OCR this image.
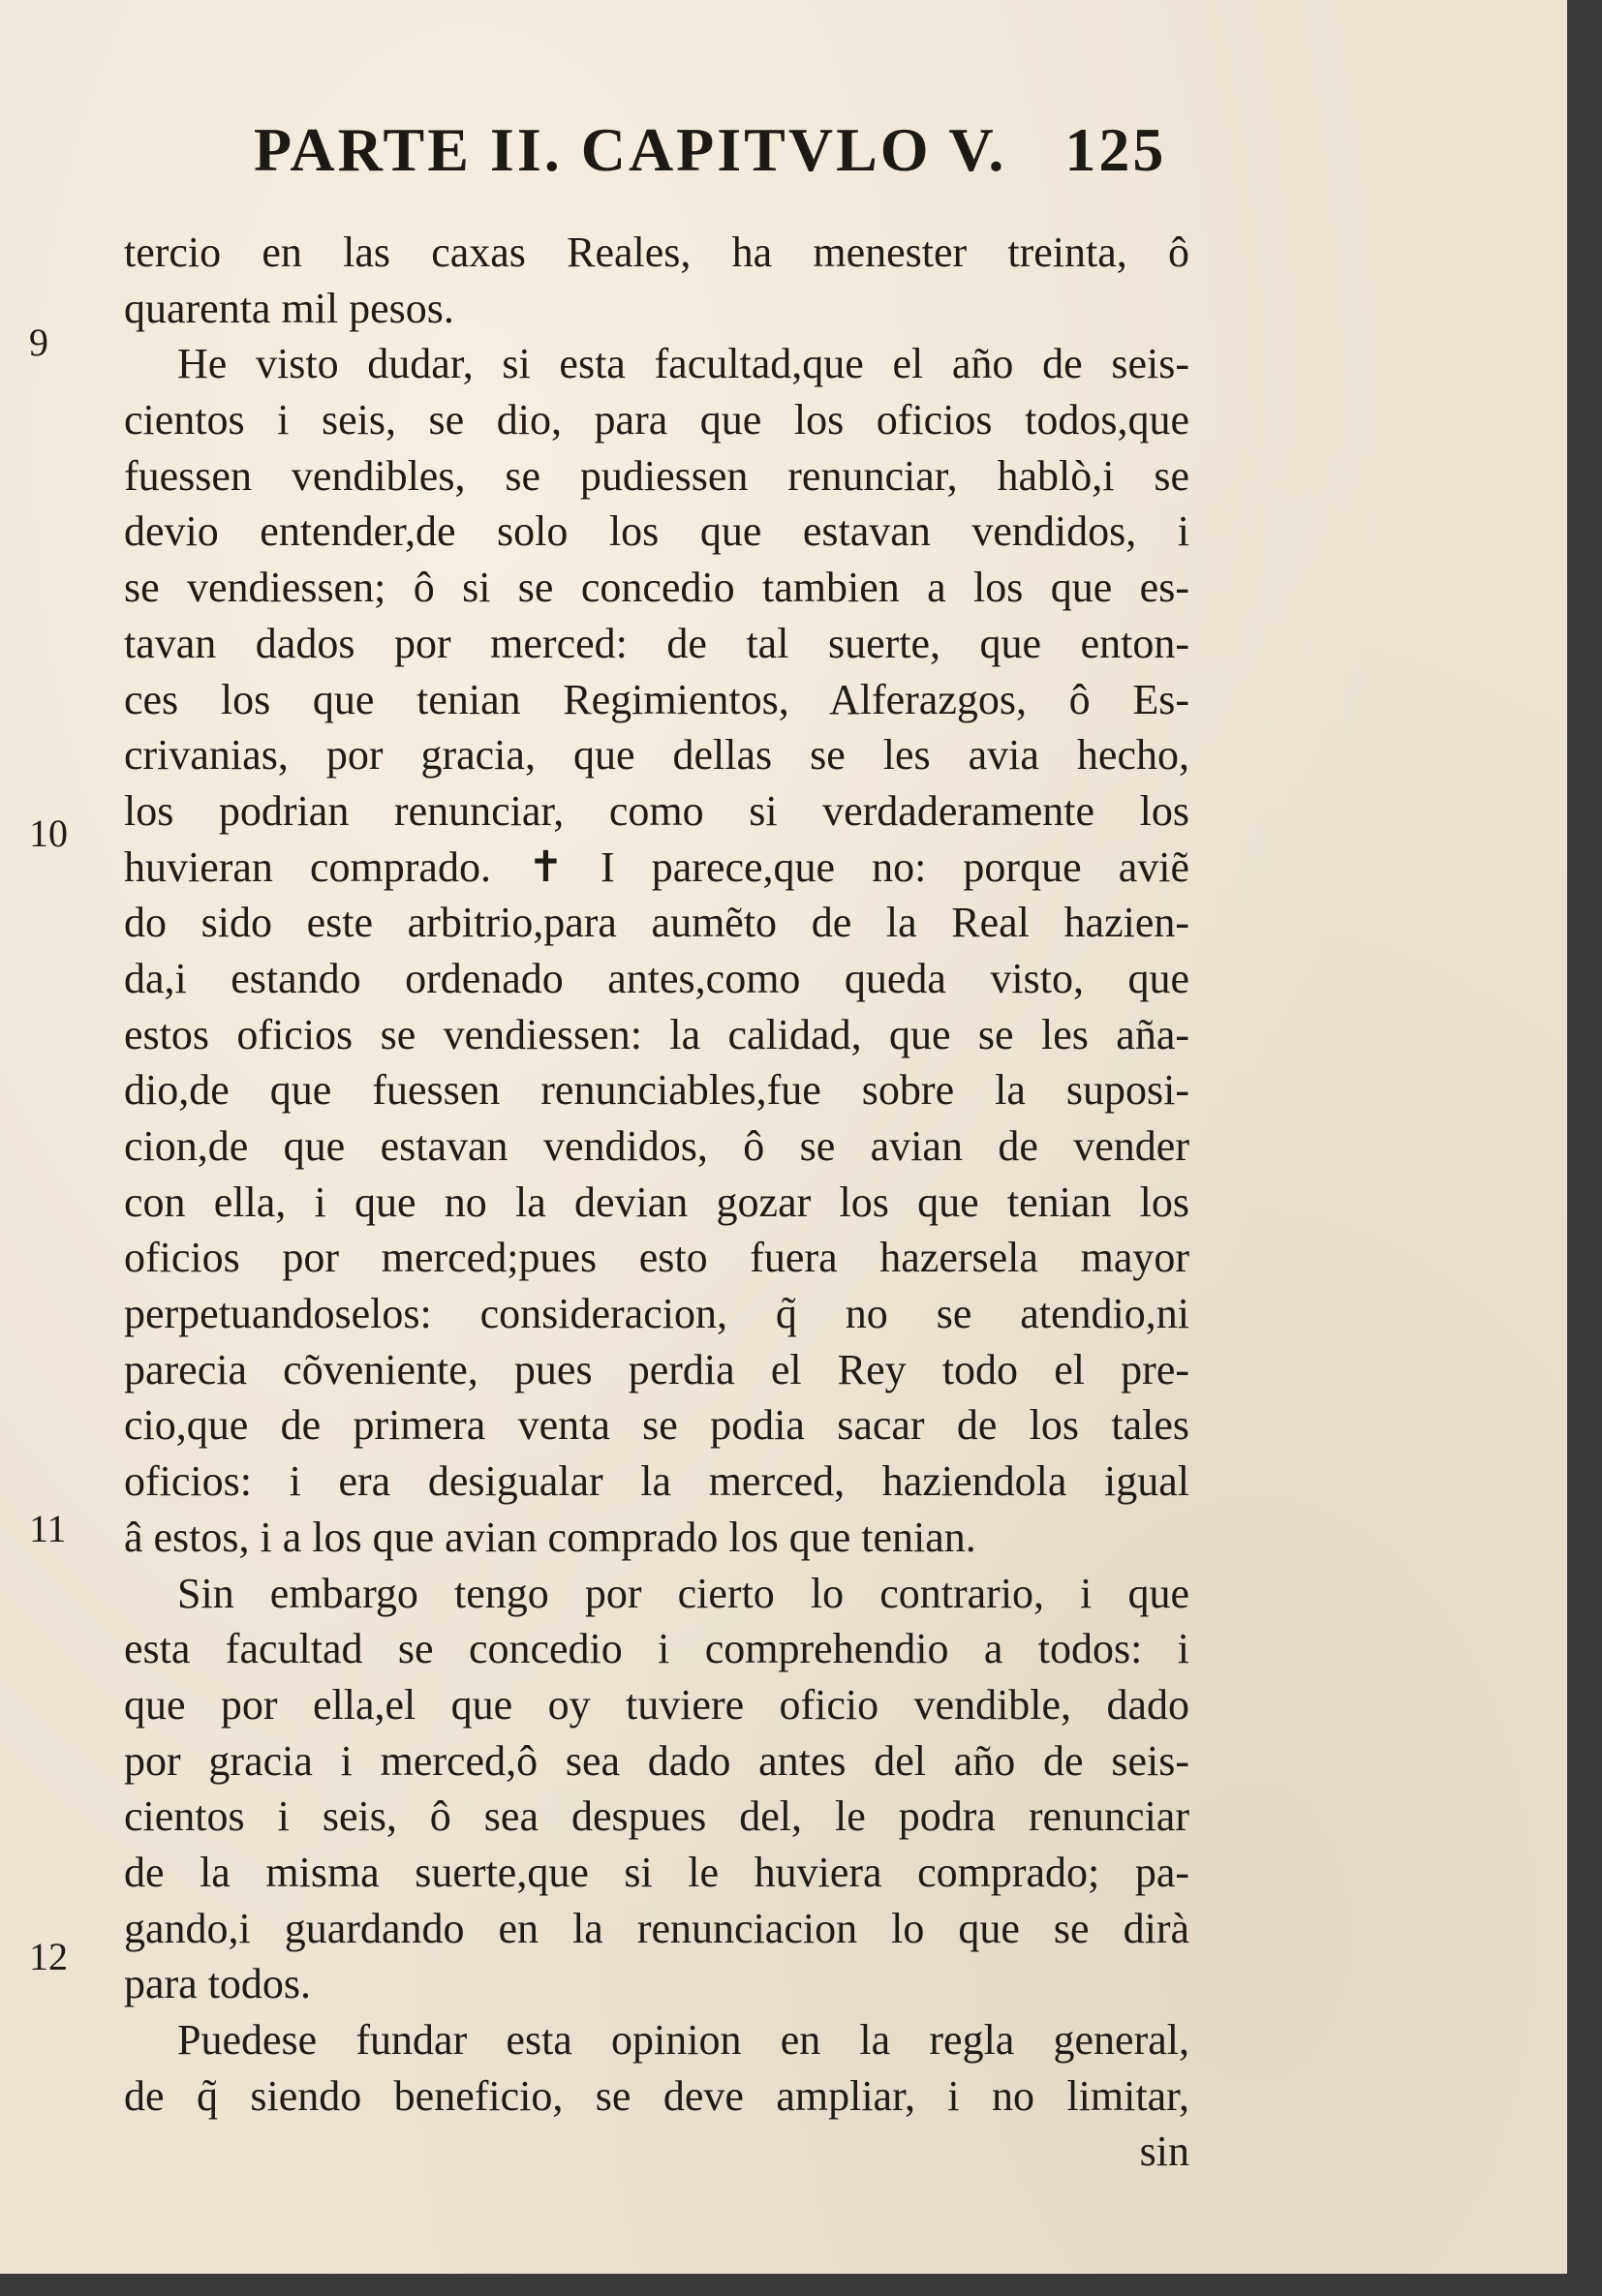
PARTE II. CAPITVLO V. 125
9
10
11
12
tercio en las caxas Reales, ha menester treinta, ô
quarenta mil pesos.
He visto dudar, si esta facultad,que el año de seis-
cientos i seis, se dio, para que los oficios todos,que
fuessen vendibles, se pudiessen renunciar, hablò,i se
devio entender,de solo los que estavan vendidos, i
se vendiessen; ô si se concedio tambien a los que es-
tavan dados por merced: de tal suerte, que enton-
ces los que tenian Regimientos, Alferazgos, ô Es-
crivanias, por gracia, que dellas se les avia hecho,
los podrian renunciar, como si verdaderamente los
huvieran comprado. ✝ I parece,que no: porque aviẽ
do sido este arbitrio,para aumẽto de la Real hazien-
da,i estando ordenado antes,como queda visto, que
estos oficios se vendiessen: la calidad, que se les aña-
dio,de que fuessen renunciables,fue sobre la suposi-
cion,de que estavan vendidos, ô se avian de vender
con ella, i que no la devian gozar los que tenian los
oficios por merced;pues esto fuera hazersela mayor
perpetuandoselos: consideracion, q̃ no se atendio,ni
parecia cõveniente, pues perdia el Rey todo el pre-
cio,que de primera venta se podia sacar de los tales
oficios: i era desigualar la merced, haziendola igual
â estos, i a los que avian comprado los que tenian.
Sin embargo tengo por cierto lo contrario, i que
esta facultad se concedio i comprehendio a todos: i
que por ella,el que oy tuviere oficio vendible, dado
por gracia i merced,ô sea dado antes del año de seis-
cientos i seis, ô sea despues del, le podra renunciar
de la misma suerte,que si le huviera comprado; pa-
gando,i guardando en la renunciacion lo que se dirà
para todos.
Puedese fundar esta opinion en la regla general,
de q̃ siendo beneficio, se deve ampliar, i no limitar,
sin
